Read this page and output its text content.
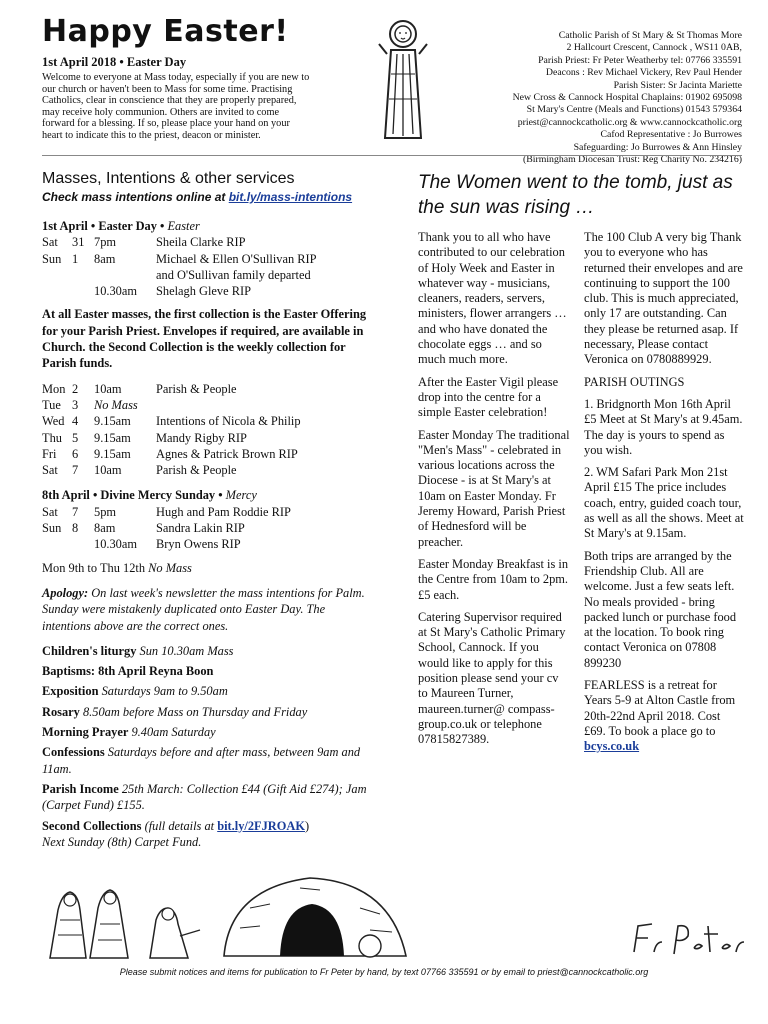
Happy Easter!
1st April 2018 • Easter Day
Welcome to everyone at Mass today, especially if you are new to our church or haven't been to Mass for some time. Practising Catholics, clear in conscience that they are properly prepared, may receive holy communion. Others are invited to come forward for a blessing. If so, please place your hand on your heart to indicate this to the priest, deacon or minister.
Catholic Parish of St Mary & St Thomas More
2 Hallcourt Crescent, Cannock , WS11 0AB,
Parish Priest: Fr Peter Weatherby tel: 07766 335591
Deacons : Rev Michael Vickery, Rev Paul Hender
Parish Sister: Sr Jacinta Mariette
New Cross & Cannock Hospital Chaplains: 01902 695098
St Mary's Centre (Meals and Functions) 01543 579364
priest@cannockcatholic.org & www.cannockcatholic.org
Cafod Representative : Jo Burrowes
Safeguarding: Jo Burrowes & Ann Hinsley
(Birmingham Diocesan Trust: Reg Charity No. 234216)
Masses, Intentions & other services
Check mass intentions online at bit.ly/mass-intentions
1st April • Easter Day • Easter
Sat	31 7pm	Sheila Clarke RIP
Sun 1	8am	Michael & Ellen O'Sullivan RIP
and O'Sullivan family departed
10.30am	Shelagh Gleve RIP
At all Easter masses, the first collection is the Easter Offering for your Parish Priest. Envelopes if required, are available in Church. the Second Collection is the weekly collection for Parish funds.
Mon 2	10am	Parish & People
Tue 3	No Mass
Wed 4	9.15am	Intentions of Nicola & Philip
Thu 5	9.15am	Mandy Rigby RIP
Fri	6	9.15am	Agnes & Patrick Brown RIP
Sat	7	10am	Parish & People
8th April • Divine Mercy Sunday • Mercy
Sat	7	5pm	Hugh and Pam Roddie RIP
Sun 8	8am	Sandra Lakin RIP
10.30am	Bryn Owens RIP
Mon 9th to Thu 12th No Mass
Apology: On last week's newsletter the mass intentions for Palm. Sunday were mistakenly duplicated onto Easter Day. The intentions above are the correct ones.
Children's liturgy Sun 10.30am Mass
Baptisms: 8th April Reyna Boon
Exposition Saturdays 9am to 9.50am
Rosary 8.50am before Mass on Thursday and Friday
Morning Prayer 9.40am Saturday
Confessions Saturdays before and after mass, between 9am and 11am.
Parish Income 25th March: Collection £44 (Gift Aid £274); Jam (Carpet Fund) £155.
Second Collections (full details at bit.ly/2FJROAK)
Next Sunday (8th) Carpet Fund.
The Women went to the tomb, just as the sun was rising …

Thank you to all who have contributed to our celebration of Holy Week and Easter in whatever way - musicians, cleaners, readers, servers, ministers, flower arrangers … and who have donated the chocolate eggs … and so much much more.

After the Easter Vigil please drop into the centre for a simple Easter celebration!

Easter Monday The traditional "Men's Mass" - celebrated in various locations across the Diocese - is at St Mary's at 10am on Easter Monday. Fr Jeremy Howard, Parish Priest of Hednesford will be preacher.

Easter Monday Breakfast is in the Centre from 10am to 2pm. £5 each.

Catering Supervisor required at St Mary's Catholic Primary School, Cannock. If you would like to apply for this position please send your cv to Maureen Turner, maureen.turner@ compass-group.co.uk or telephone 07815827389.

The 100 Club A very big Thank you to everyone who has returned their envelopes and are continuing to support the 100 club. This is much appreciated, only 17 are outstanding. Can they please be returned asap. If necessary, Please contact Veronica on 0780889929.

PARISH OUTINGS

1. Bridgnorth Mon 16th April £5 Meet at St Mary's at 9.45am. The day is yours to spend as you wish.

2. WM Safari Park Mon 21st April £15 The price includes coach, entry, guided coach tour, as well as all the shows. Meet at St Mary's at 9.15am.

Both trips are arranged by the Friendship Club. All are welcome. Just a few seats left. No meals provided - bring packed lunch or purchase food at the location. To book ring contact Veronica on 07808 899230

FEARLESS is a retreat for Years 5-9 at Alton Castle from 20th-22nd April 2018. Cost £69. To book a place go to bcys.co.uk

Please submit notices and items for publication to Fr Peter by hand, by text 07766 335591 or by email to priest@cannockcatholic.org
